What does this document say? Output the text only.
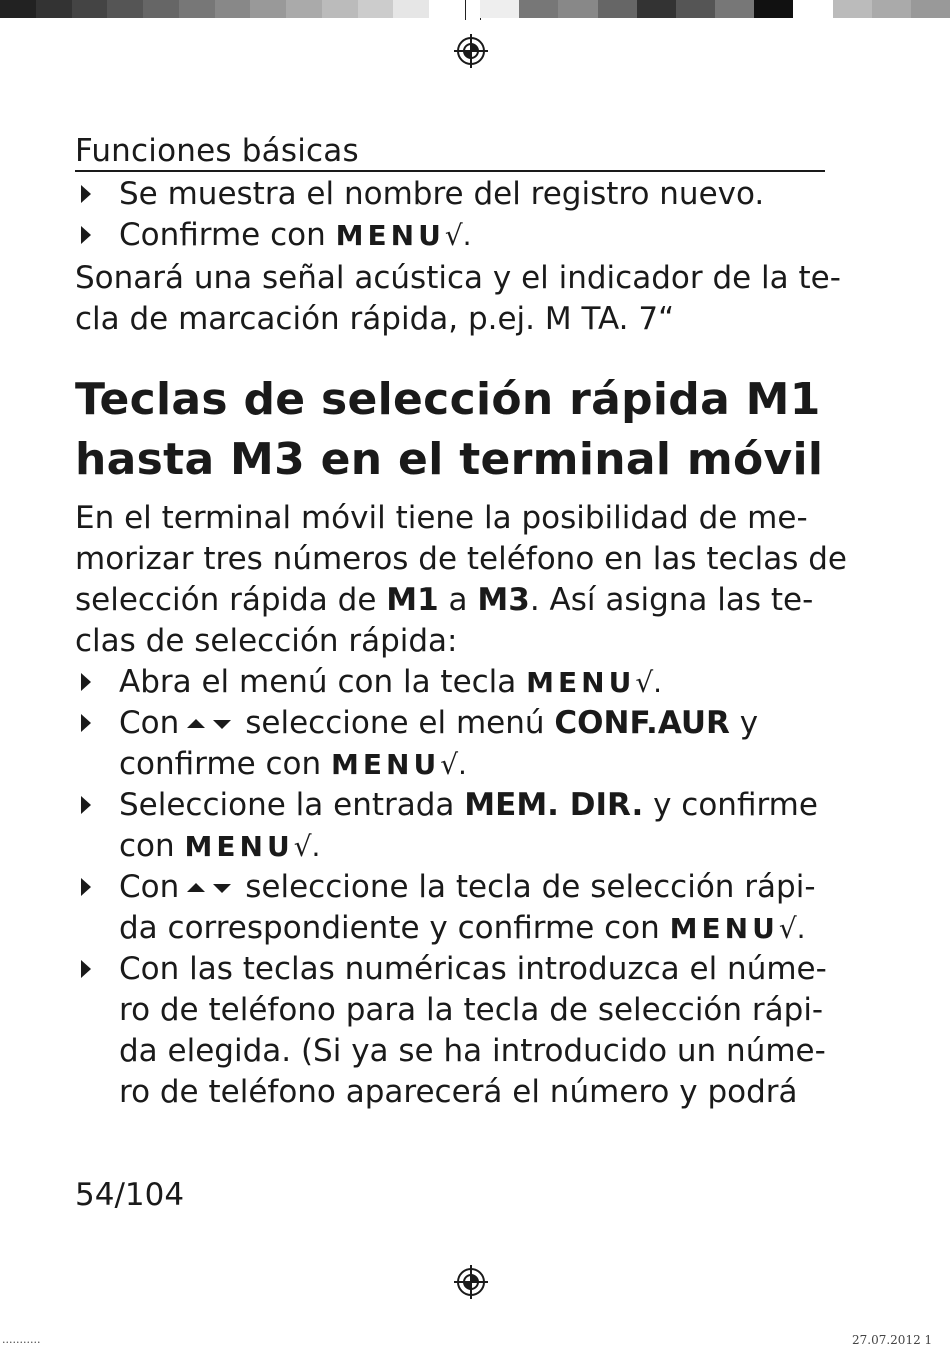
Funciones básicas
Se muestra el nombre del registro nuevo.
Confirme con MENU√.
Sonará una señal acústica y el indicador de la te-
cla de marcación rápida, p.ej. M TA. 7“
Teclas de selección rápida M1
hasta M3 en el terminal móvil
En el terminal móvil tiene la posibilidad de me-
morizar tres números de teléfono en las teclas de
selección rápida de M1 a M3. Así asigna las te-
clas de selección rápida:
Abra el menú con la tecla MENU√.
Con seleccione el menú CONF.AUR y
confirme con MENU√.
Seleccione la entrada MEM. DIR. y confirme
con MENU√.
Con seleccione la tecla de selección rápi-
da correspondiente y confirme con MENU√.
Con las teclas numéricas introduzca el núme-
ro de teléfono para la tecla de selección rápi-
da elegida. (Si ya se ha introducido un núme-
ro de teléfono aparecerá el número y podrá
54/104
...........	27.07.2012 1
